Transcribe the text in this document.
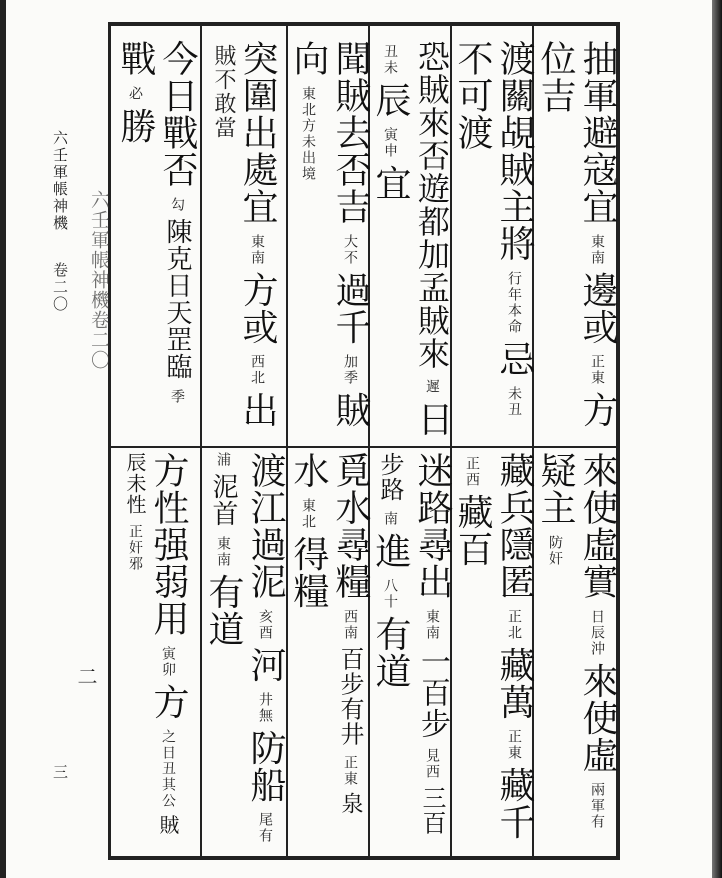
六壬軍帳神機
卷二〇
三
六壬軍帳神機卷二〇
二
抽軍避寇宜 東南 邊或 正東 方位吉
來使虛實 日辰沖 來使虛 兩軍有 疑主 防奸
渡關覘賊主將 行年本命 忌 未丑 不可渡
藏兵隱匿 正北 藏萬 正東 藏千 正西 藏百
恐賊來否遊都加孟賊來 遲 日 丑未 辰 寅申 宜
迷路尋出 東南 一百步 見西 三百步路 南 進 八十 有道
聞賊去否吉 大不 過千 加季 賊向 東北方未出境
覓水尋糧 西南 百步有井 正東 泉 水 東北 得糧
突圍出處宜 東南 方或 西北 出 賊不敢當
渡江過泥 亥酉 河 井無 防船 尾有浦 泥首 東南 有道
今日戰否 勾 陳克日天罡臨 季 戰 必 勝
方性强弱用 寅卯 方 之日丑其公 賊辰未性 正奸邪
